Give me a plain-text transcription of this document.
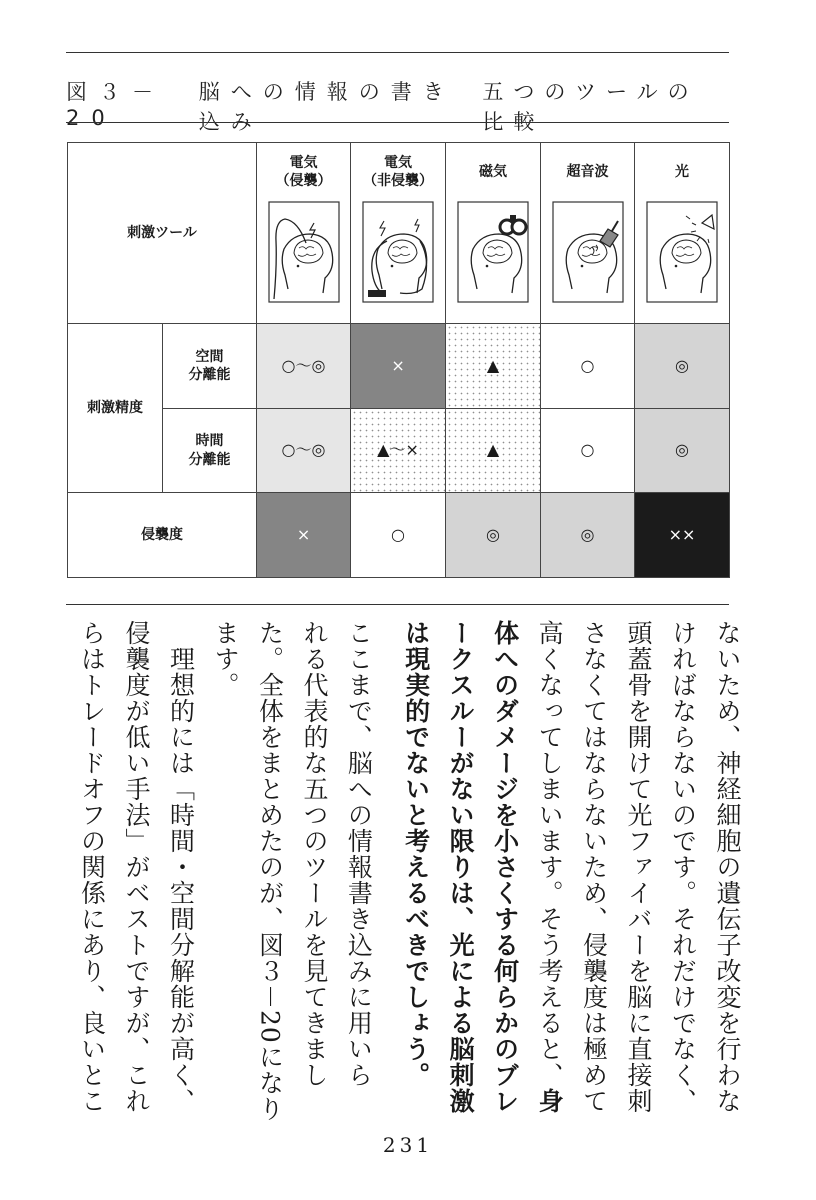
図３－20
脳への情報の書き込み
五つのツールの比較
刺激ツール		電気
（侵襲）	電気
（非侵襲）	磁気	超音波	光

刺激精度	空間
分離能	○～◎	×	▲	○	◎
	時間
分離能	○～◎	▲～×	▲	○	◎
侵襲度		×	○	◎	◎	××
ないため、神経細胞の遺伝子改変を行わな
ければならないのです。それだけでなく、
頭蓋骨を開けて光ファイバーを脳に直接刺
さなくてはならないため、侵襲度は極めて
高くなってしまいます。そう考えると、身
体へのダメージを小さくする何らかのブレ
ークスルーがない限りは、光による脳刺激
は現実的でないと考えるべきでしょう。
ここまで、脳への情報書き込みに用いら
れる代表的な五つのツールを見てきまし
た。全体をまとめたのが、図３－20になり
ます。
　理想的には「時間・空間分解能が高く、
侵襲度が低い手法」がベストですが、これ
らはトレードオフの関係にあり、良いとこ
231
